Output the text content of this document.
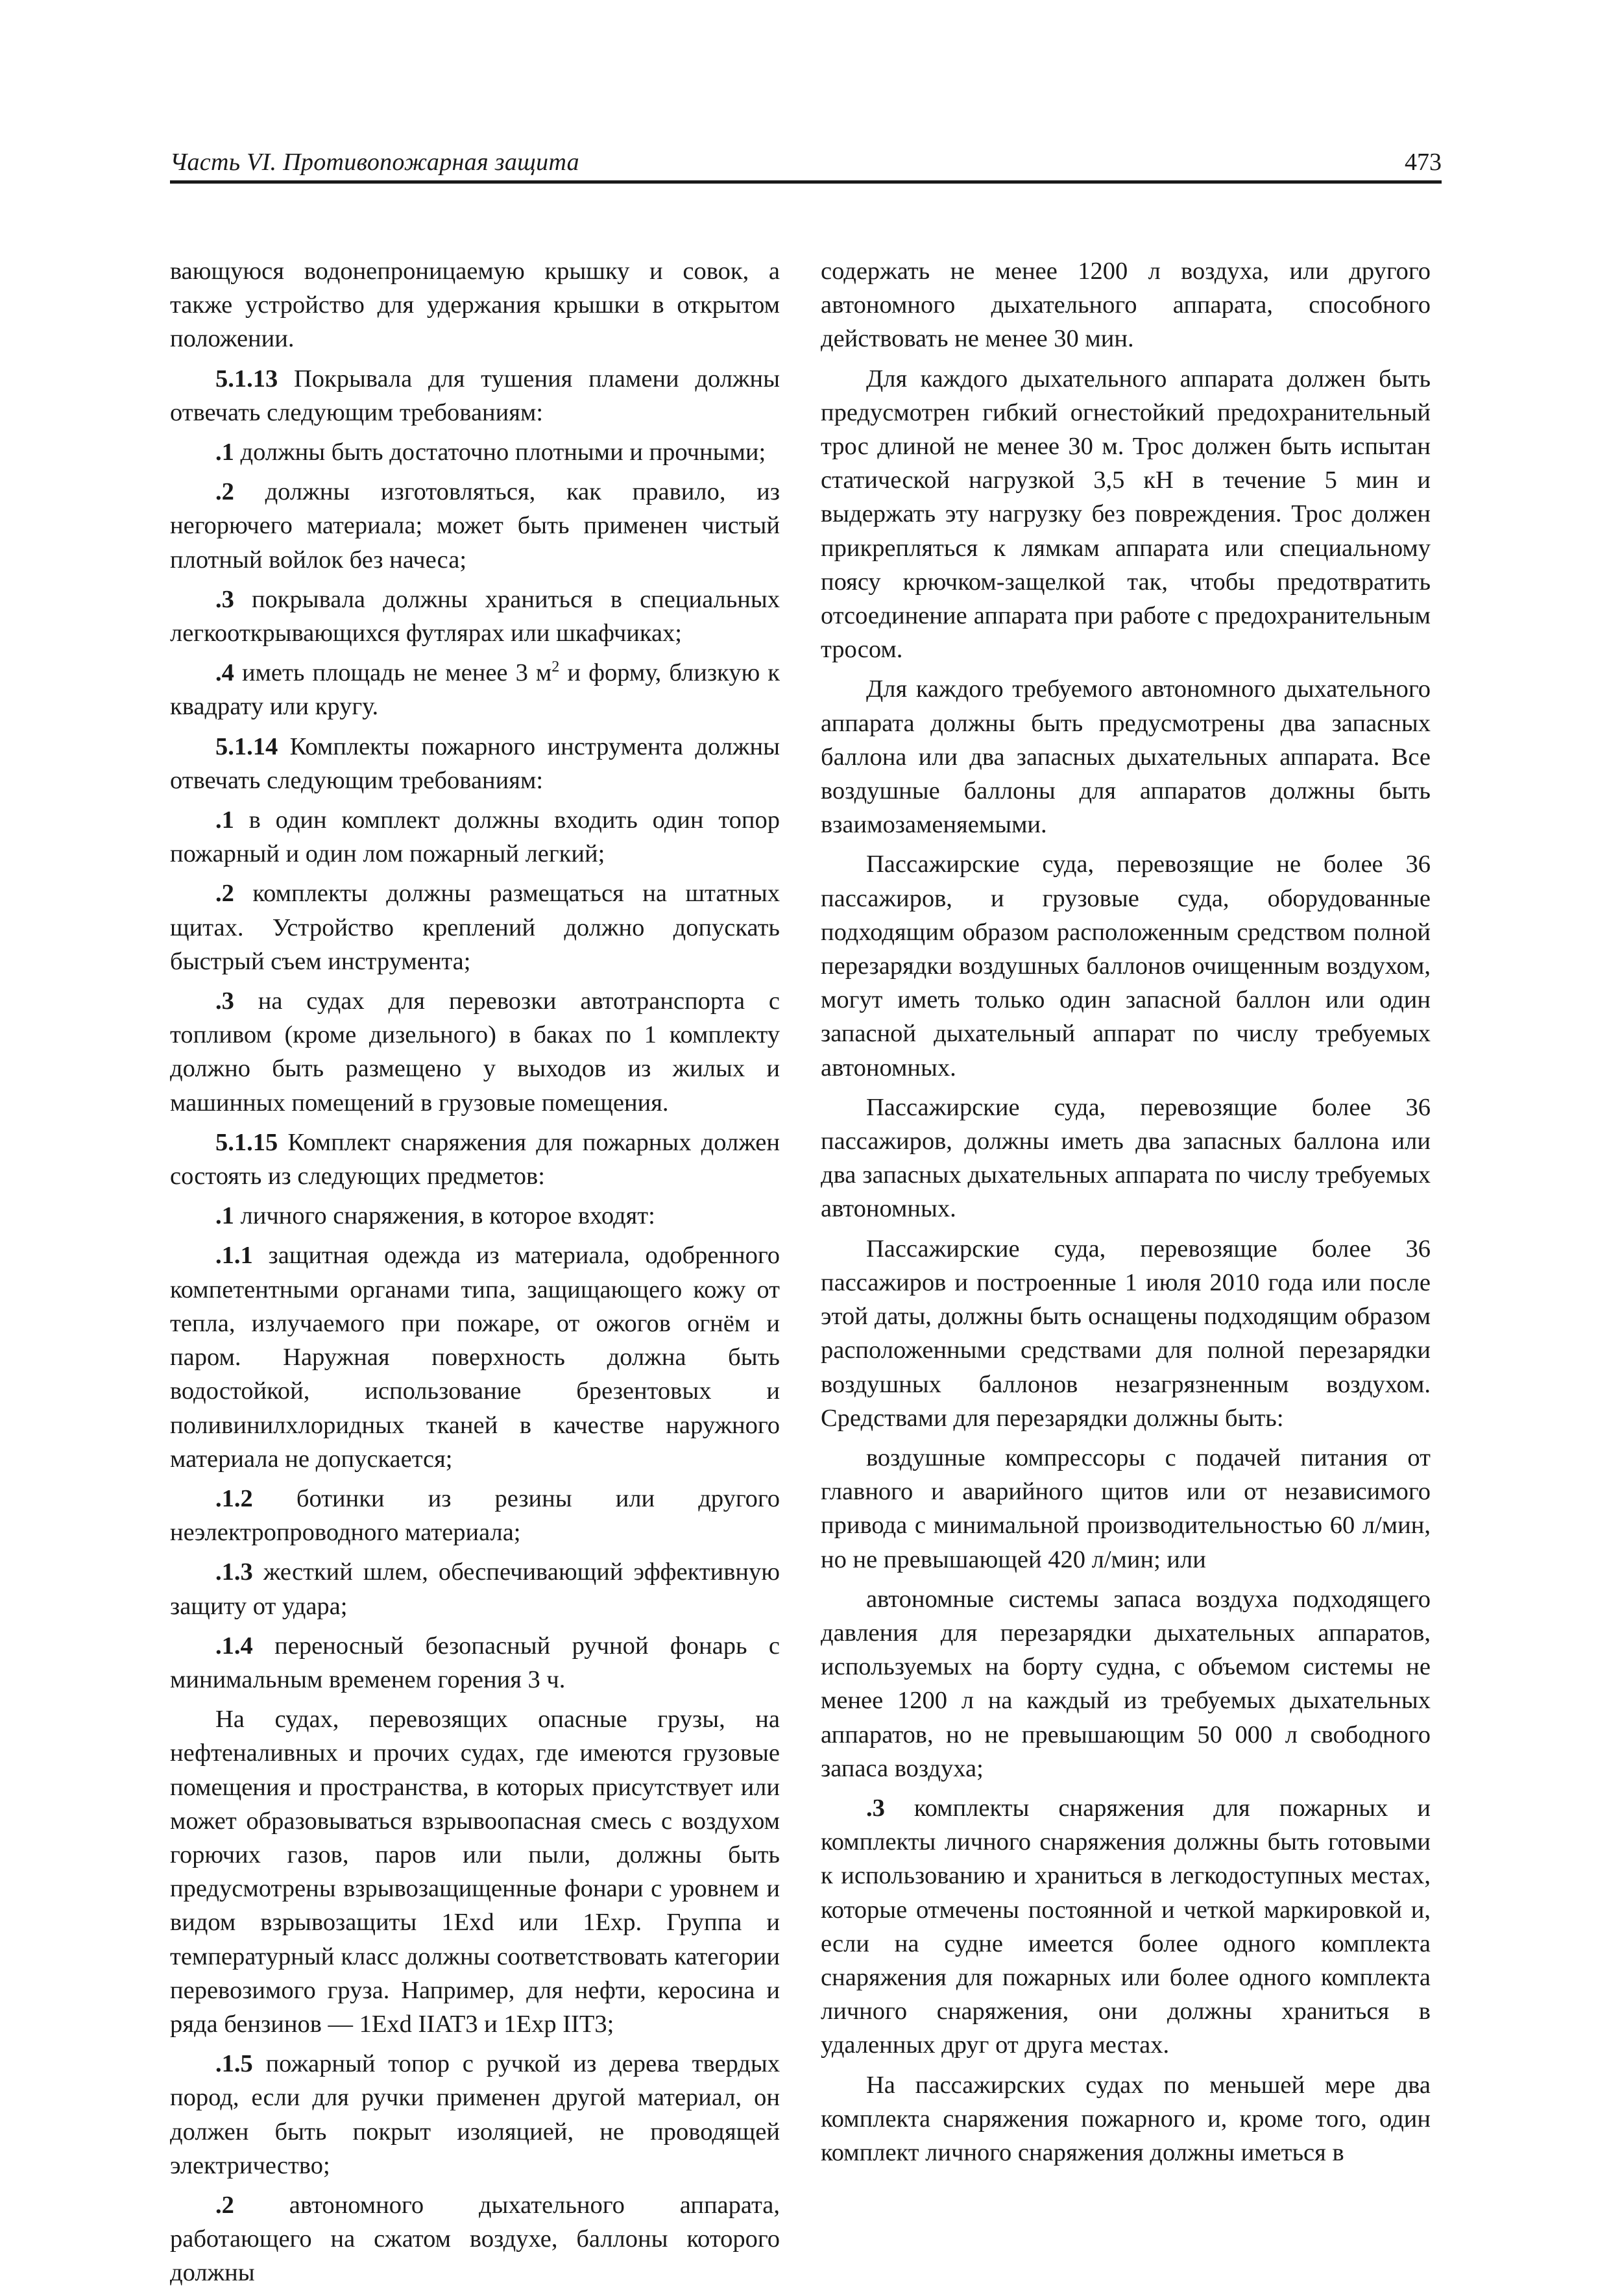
Часть VI. Противопожарная защита	473

вающуюся водонепроницаемую крышку и совок, а также устройство для удержания крышки в открытом положении.

5.1.13 Покрывала для тушения пламени должны отвечать следующим требованиям:

.1 должны быть достаточно плотными и прочными;

.2 должны изготовляться, как правило, из негорючего материала; может быть применен чистый плотный войлок без начеса;

.3 покрывала должны храниться в специальных легкооткрывающихся футлярах или шкафчиках;

.4 иметь площадь не менее 3 $м^2$ и форму, близкую к квадрату или кругу.

5.1.14 Комплекты пожарного инструмента должны отвечать следующим требованиям:

.1 в один комплект должны входить один топор пожарный и один лом пожарный легкий;

.2 комплекты должны размещаться на штатных щитах. Устройство креплений должно допускать быстрый съем инструмента;

.3 на судах для перевозки автотранспорта с топливом (кроме дизельного) в баках по 1 комплекту должно быть размещено у выходов из жилых и машинных помещений в грузовые помещения.

5.1.15 Комплект снаряжения для пожарных должен состоять из следующих предметов:

.1 личного снаряжения, в которое входят:

.1.1 защитная одежда из материала, одобренного компетентными органами типа, защищающего кожу от тепла, излучаемого при пожаре, от ожогов огнём и паром. Наружная поверхность должна быть водостойкой, использование брезентовых и поливинилхлоридных тканей в качестве наружного материала не допускается;

.1.2 ботинки из резины или другого неэлектропроводного материала;

.1.3 жесткий шлем, обеспечивающий эффективную защиту от удара;

.1.4 переносный безопасный ручной фонарь с минимальным временем горения 3 ч.

На судах, перевозящих опасные грузы, на нефтеналивных и прочих судах, где имеются грузовые помещения и пространства, в которых присутствует или может образовываться взрывоопасная смесь с воздухом горючих газов, паров или пыли, должны быть предусмотрены взрывозащищенные фонари с уровнем и видом взрывозащиты 1Exd или 1Exp. Группа и температурный класс должны соответствовать категории перевозимого груза. Например, для нефти, керосина и ряда бензинов — 1Exd IIAT3 и 1Exp IIT3;

.1.5 пожарный топор с ручкой из дерева твердых пород, если для ручки применен другой материал, он должен быть покрыт изоляцией, не проводящей электричество;

.2 автономного дыхательного аппарата, работающего на сжатом воздухе, баллоны которого должны

содержать не менее 1200 л воздуха, или другого автономного дыхательного аппарата, способного действовать не менее 30 мин.

Для каждого дыхательного аппарата должен быть предусмотрен гибкий огнестойкий предохранительный трос длиной не менее 30 м. Трос должен быть испытан статической нагрузкой 3,5 кН в течение 5 мин и выдержать эту нагрузку без повреждения. Трос должен прикрепляться к лямкам аппарата или специальному поясу крючком-защелкой так, чтобы предотвратить отсоединение аппарата при работе с предохранительным тросом.

Для каждого требуемого автономного дыхательного аппарата должны быть предусмотрены два запасных баллона или два запасных дыхательных аппарата. Все воздушные баллоны для аппаратов должны быть взаимозаменяемыми.

Пассажирские суда, перевозящие не более 36 пассажиров, и грузовые суда, оборудованные подходящим образом расположенным средством полной перезарядки воздушных баллонов очищенным воздухом, могут иметь только один запасной баллон или один запасной дыхательный аппарат по числу требуемых автономных.

Пассажирские суда, перевозящие более 36 пассажиров, должны иметь два запасных баллона или два запасных дыхательных аппарата по числу требуемых автономных.

Пассажирские суда, перевозящие более 36 пассажиров и построенные 1 июля 2010 года или после этой даты, должны быть оснащены подходящим образом расположенными средствами для полной перезарядки воздушных баллонов незагрязненным воздухом. Средствами для перезарядки должны быть:

воздушные компрессоры с подачей питания от главного и аварийного щитов или от независимого привода с минимальной производительностью 60 л/мин, но не превышающей 420 л/мин; или

автономные системы запаса воздуха подходящего давления для перезарядки дыхательных аппаратов, используемых на борту судна, с объемом системы не менее 1200 л на каждый из требуемых дыхательных аппаратов, но не превышающим 50 000 л свободного запаса воздуха;

.3 комплекты снаряжения для пожарных и комплекты личного снаряжения должны быть готовыми к использованию и храниться в легкодоступных местах, которые отмечены постоянной и четкой маркировкой и, если на судне имеется более одного комплекта снаряжения для пожарных или более одного комплекта личного снаряжения, они должны храниться в удаленных друг от друга местах.

На пассажирских судах по меньшей мере два комплекта снаряжения пожарного и, кроме того, один комплект личного снаряжения должны иметься в
